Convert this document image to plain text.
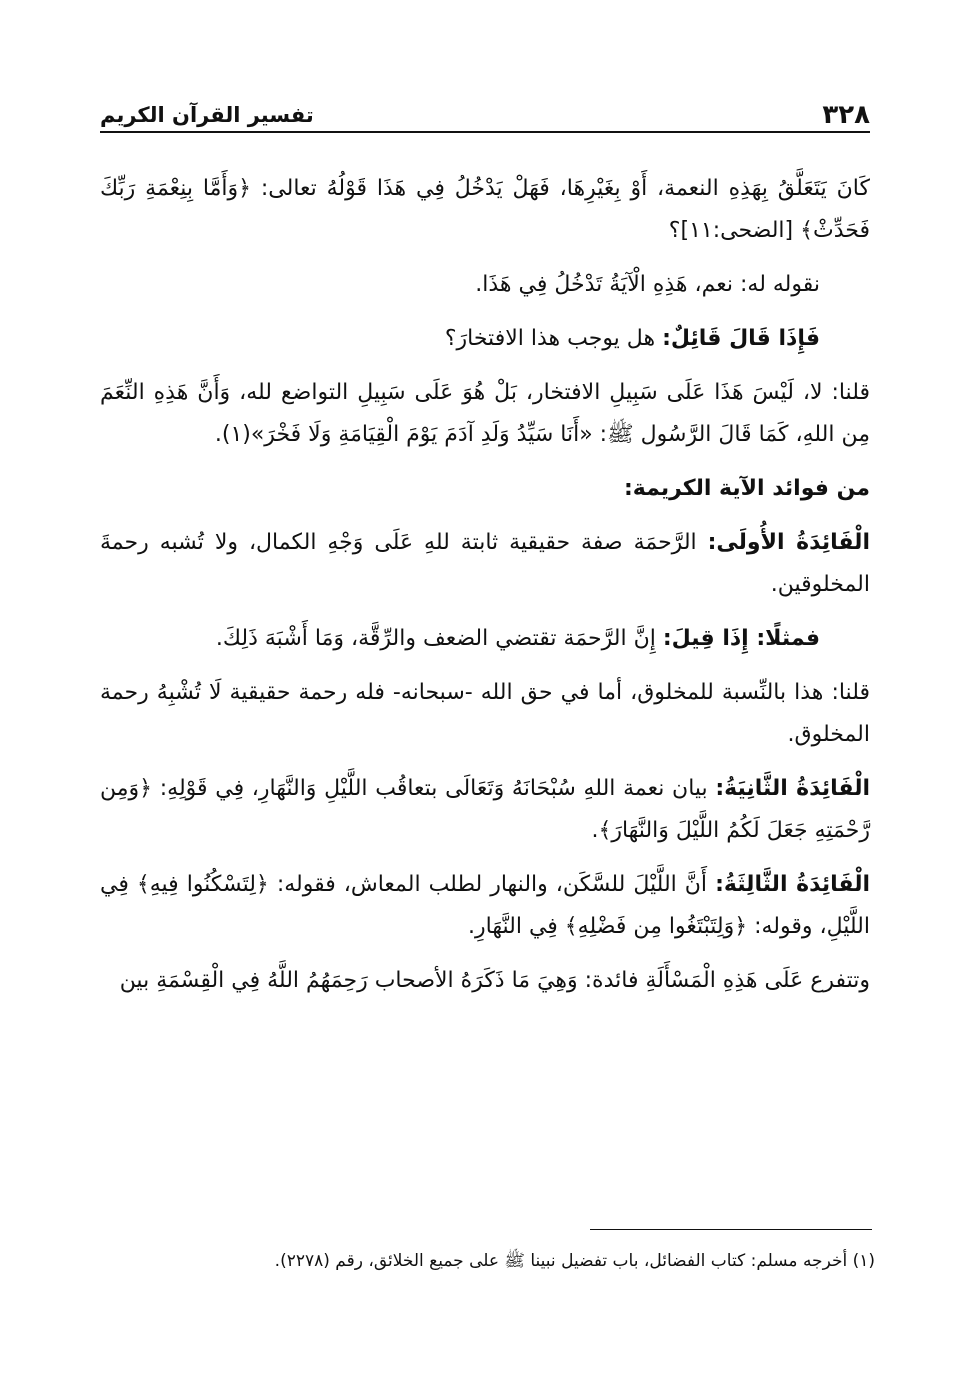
٣٢٨
تفسير القرآن الكريم

كَانَ يَتَعَلَّقُ بِهَذِهِ النعمة، أَوْ بِغَيْرِهَا، فَهَلْ يَدْخُلُ فِي هَذَا قَوْلُهُ تعالى: ﴿وَأَمَّا بِنِعْمَةِ رَبِّكَ فَحَدِّثْ﴾ [الضحى:١١]؟

نقوله له: نعم، هَذِهِ الْآيَةُ تَدْخُلُ فِي هَذَا.

فَإِذَا قَالَ قَائِلٌ: هل يوجب هذا الافتخارَ؟

قلنا: لا، لَيْسَ هَذَا عَلَى سَبِيلِ الافتخار، بَلْ هُوَ عَلَى سَبِيلِ التواضع لله، وَأَنَّ هَذِهِ النِّعَمَ مِن اللهِ، كَمَا قَالَ الرَّسُول ﷺ: «أَنَا سَيِّدُ وَلَدِ آدَمَ يَوْمَ الْقِيَامَةِ وَلَا فَخْرَ»(١).

من فوائد الآية الكريمة:

الْفَائِدَةُ الأُولَى: الرَّحمَة صفة حقيقية ثابتة للهِ عَلَى وَجْهِ الكمال، ولا تُشبه رحمةَ المخلوقين.

فمثلًا: إِذَا قِيلَ: إِنَّ الرَّحمَة تقتضي الضعف والرِّقَّة، وَمَا أَشْبَهَ ذَلِكَ.

قلنا: هذا بالنِّسبة للمخلوق، أما في حق الله -سبحانه- فله رحمة حقيقية لَا تُشْبِهُ رحمة المخلوق.

الْفَائِدَةُ الثَّانِيَةُ: بيان نعمة اللهِ سُبْحَانَهُ وَتَعَالَى بتعاقُب اللَّيْلِ وَالنَّهَارِ، فِي قَوْلِهِ: ﴿وَمِن رَّحْمَتِهِ جَعَلَ لَكُمُ اللَّيْلَ وَالنَّهَارَ﴾.

الْفَائِدَةُ الثَّالِثَةُ: أَنَّ اللَّيْلَ للسَّكَن، والنهار لطلب المعاش، فقوله: ﴿لِتَسْكُنُوا فِيهِ﴾ فِي اللَّيْلِ، وقوله: ﴿وَلِتَبْتَغُوا مِن فَضْلِهِ﴾ فِي النَّهَارِ.

وتتفرع عَلَى هَذِهِ الْمَسْأَلَةِ فائدة: وَهِيَ مَا ذَكَرَهُ الأصحاب رَحِمَهُمُ اللَّهُ فِي الْقِسْمَةِ بين

(١) أخرجه مسلم: كتاب الفضائل، باب تفضيل نبينا ﷺ على جميع الخلائق، رقم (٢٢٧٨).
